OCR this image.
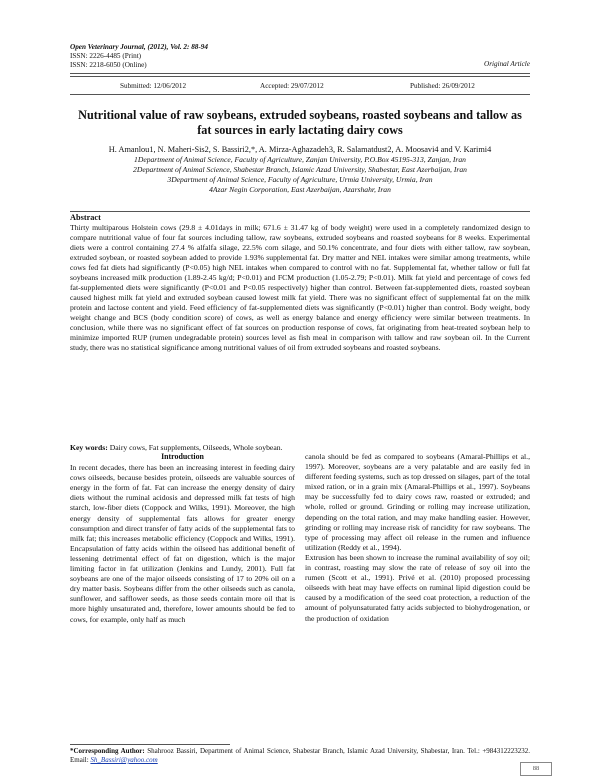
Open Veterinary Journal, (2012), Vol. 2: 88-94
ISSN: 2226-4485 (Print)
ISSN: 2218-6050 (Online)	Original Article
Submitted: 12/06/2012	Accepted: 29/07/2012	Published: 26/09/2012
Nutritional value of raw soybeans, extruded soybeans, roasted soybeans and tallow as fat sources in early lactating dairy cows
H. Amanlou1, N. Maheri-Sis2, S. Bassiri2,*, A. Mirza-Aghazadeh3, R. Salamatdust2, A. Moosavi4 and V. Karimi4
1Department of Animal Science, Faculty of Agriculture, Zanjan University, P.O.Box 45195-313, Zanjan, Iran
2Department of Animal Science, Shabestar Branch, Islamic Azad University, Shabestar, East Azerbaijan, Iran
3Department of Animal Science, Faculty of Agriculture, Urmia University, Urmia, Iran
4Azar Negin Corporation, East Azerbaijan, Azarshahr, Iran
Abstract
Thirty multiparous Holstein cows (29.8 ± 4.01days in milk; 671.6 ± 31.47 kg of body weight) were used in a completely randomized design to compare nutritional value of four fat sources including tallow, raw soybeans, extruded soybeans and roasted soybeans for 8 weeks. Experimental diets were a control containing 27.4 % alfalfa silage, 22.5% corn silage, and 50.1% concentrate, and four diets with either tallow, raw soybean, extruded soybean, or roasted soybean added to provide 1.93% supplemental fat. Dry matter and NEL intakes were similar among treatments, while cows fed fat diets had significantly (P<0.05) high NEL intakes when compared to control with no fat. Supplemental fat, whether tallow or full fat soybeans increased milk production (1.89-2.45 kg/d; P<0.01) and FCM production (1.05-2.79; P<0.01). Milk fat yield and percentage of cows fed fat-supplemented diets were significantly (P<0.01 and P<0.05 respectively) higher than control. Between fat-supplemented diets, roasted soybean caused highest milk fat yield and extruded soybean caused lowest milk fat yield. There was no significant effect of supplemental fat on the milk protein and lactose content and yield. Feed efficiency of fat-supplemented diets was significantly (P<0.01) higher than control. Body weight, body weight change and BCS (body condition score) of cows, as well as energy balance and energy efficiency were similar between treatments. In conclusion, while there was no significant effect of fat sources on production response of cows, fat originating from heat-treated soybean help to minimize imported RUP (rumen undegradable protein) sources level as fish meal in comparison with tallow and raw soybean oil. In the Current study, there was no statistical significance among nutritional values of oil from extruded soybeans and roasted soybeans.
Key words: Dairy cows, Fat supplements, Oilseeds, Whole soybean.
Introduction
In recent decades, there has been an increasing interest in feeding dairy cows oilseeds, because besides protein, oilseeds are valuable sources of energy in the form of fat. Fat can increase the energy density of dairy diets without the ruminal acidosis and depressed milk fat tests of high starch, low-fiber diets (Coppock and Wilks, 1991). Moreover, the high energy density of supplemental fats allows for greater energy consumption and direct transfer of fatty acids of the supplemental fats to milk fat; this increases metabolic efficiency (Coppock and Wilks, 1991). Encapsulation of fatty acids within the oilseed has additional benefit of lessening detrimental effect of fat on digestion, which is the major limiting factor in fat utilization (Jenkins and Lundy, 2001). Full fat soybeans are one of the major oilseeds consisting of 17 to 20% oil on a dry matter basis. Soybeans differ from the other oilseeds such as canola, sunflower, and safflower seeds, as those seeds contain more oil that is more highly unsaturated and, therefore, lower amounts should be fed to cows, for example, only half as much
canola should be fed as compared to soybeans (Amaral-Phillips et al., 1997). Moreover, soybeans are a very palatable and are easily fed in different feeding systems, such as top dressed on silages, part of the total mixed ration, or in a grain mix (Amaral-Phillips et al., 1997). Soybeans may be successfully fed to dairy cows raw, roasted or extruded; and whole, rolled or ground. Grinding or rolling may increase utilization, depending on the total ration, and may make handling easier. However, grinding or rolling may increase risk of rancidity for raw soybeans. The type of processing may affect oil release in the rumen and influence utilization (Reddy et al., 1994).
Extrusion has been shown to increase the ruminal availability of soy oil; in contrast, roasting may slow the rate of release of soy oil into the rumen (Scott et al., 1991). Privé et al. (2010) proposed processing oilseeds with heat may have effects on ruminal lipid digestion could be caused by a modification of the seed coat protection, a reduction of the amount of polyunsaturated fatty acids subjected to biohydrogenation, or the production of oxidation
*Corresponding Author: Shahrooz Bassiri, Department of Animal Science, Shabestar Branch, Islamic Azad University, Shabestar, Iran. Tel.: +984312223232. Email: Sh_Bassiri@yahoo.com
88
